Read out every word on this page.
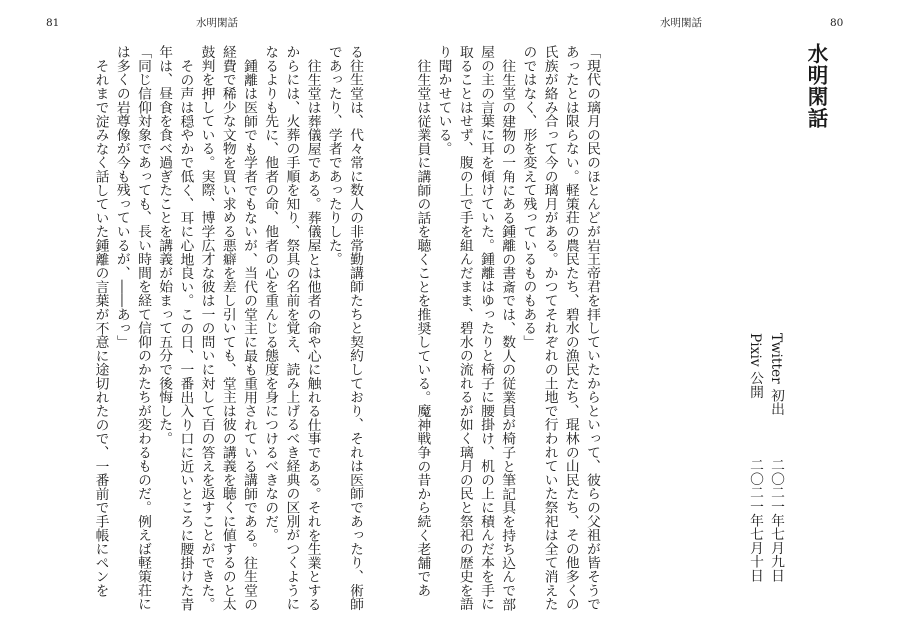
81	水明閑話	水明閑話	80
水明閑話
Twitter 初出二〇二一年七月九日
Pixiv 公開二〇二一年七月十日

「現代の璃月の民のほとんどが岩王帝君を拝していたからといって、彼らの父祖が皆そうであったとは限らない。軽策荘の農民たち、碧水の漁民たち、琨林の山民たち、その他多くの氏族が絡み合って今の璃月がある。かつてそれぞれの土地で行われていた祭祀は全て消えたのではなく、形を変えて残っているものもある」

往生堂の建物の一角にある鍾離の書斎では、数人の従業員が椅子と筆記具を持ち込んで部屋の主の言葉に耳を傾けていた。鍾離はゆったりと椅子に腰掛け、机の上に積んだ本を手に取ることはせず、腹の上で手を組んだまま、碧水の流れるが如く璃月の民と祭祀の歴史を語り聞かせている。

往生堂は従業員に講師の話を聴くことを推奨している。魔神戦争の昔から続く老舗であ

る往生堂は、代々常に数人の非常勤講師たちと契約しており、それは医師であったり、術師であったり、学者であったりした。

往生堂は葬儀屋である。葬儀屋とは他者の命や心に触れる仕事である。それを生業とするからには、火葬の手順を知り、祭具の名前を覚え、読み上げるべき経典の区別がつくようになるよりも先に、他者の命、他者の心を重んじる態度を身につけるべきなのだ。

鍾離は医師でも学者でもないが、当代の堂主に最も重用されている講師である。往生堂の経費で稀少な文物を買い求める悪癖を差し引いても、堂主は彼の講義を聴くに値するのと太鼓判を押している。実際、博学広才な彼は一の問いに対して百の答えを返すことができた。

その声は穏やかで低く、耳に心地良い。この日、一番出入り口に近いところに腰掛けた青年は、昼食を食べ過ぎたことを講義が始まって五分で後悔した。

「同じ信仰対象であっても、長い時間を経て信仰のかたちが変わるものだ。例えば軽策荘には多くの岩尊像が今も残っているが、――あっ」

それまで淀みなく話していた鍾離の言葉が不意に途切れたので、一番前で手帳にペンを
